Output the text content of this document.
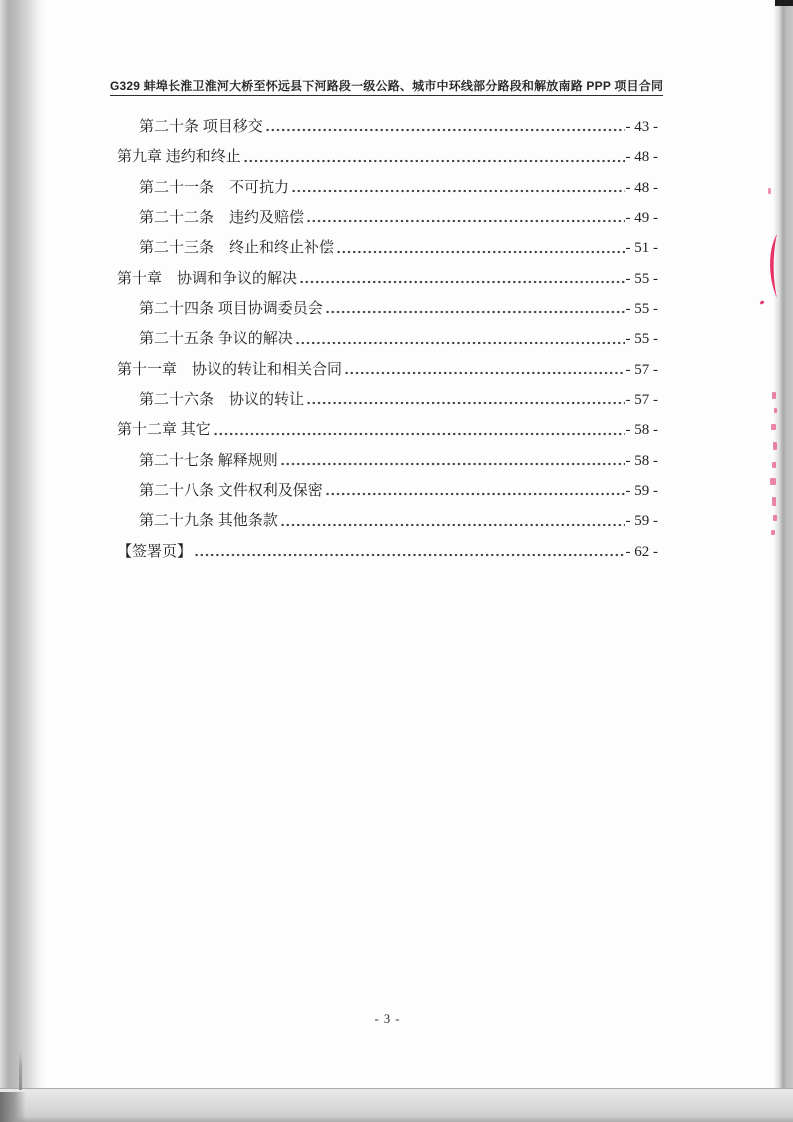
G329 蚌埠长淮卫淮河大桥至怀远县下河路段一级公路、城市中环线部分路段和解放南路 PPP 项目合同
第二十条 项目移交	- 43 -
第九章 违约和终止	- 48 -
第二十一条　不可抗力	- 48 -
第二十二条　违约及赔偿	- 49 -
第二十三条　终止和终止补偿	- 51 -
第十章　协调和争议的解决	- 55 -
第二十四条 项目协调委员会	- 55 -
第二十五条 争议的解决	- 55 -
第十一章　协议的转让和相关合同	- 57 -
第二十六条　协议的转让	- 57 -
第十二章 其它	- 58 -
第二十七条 解释规则	- 58 -
第二十八条 文件权利及保密	- 59 -
第二十九条 其他条款	- 59 -
【签署页】	- 62 -
- 3 -
